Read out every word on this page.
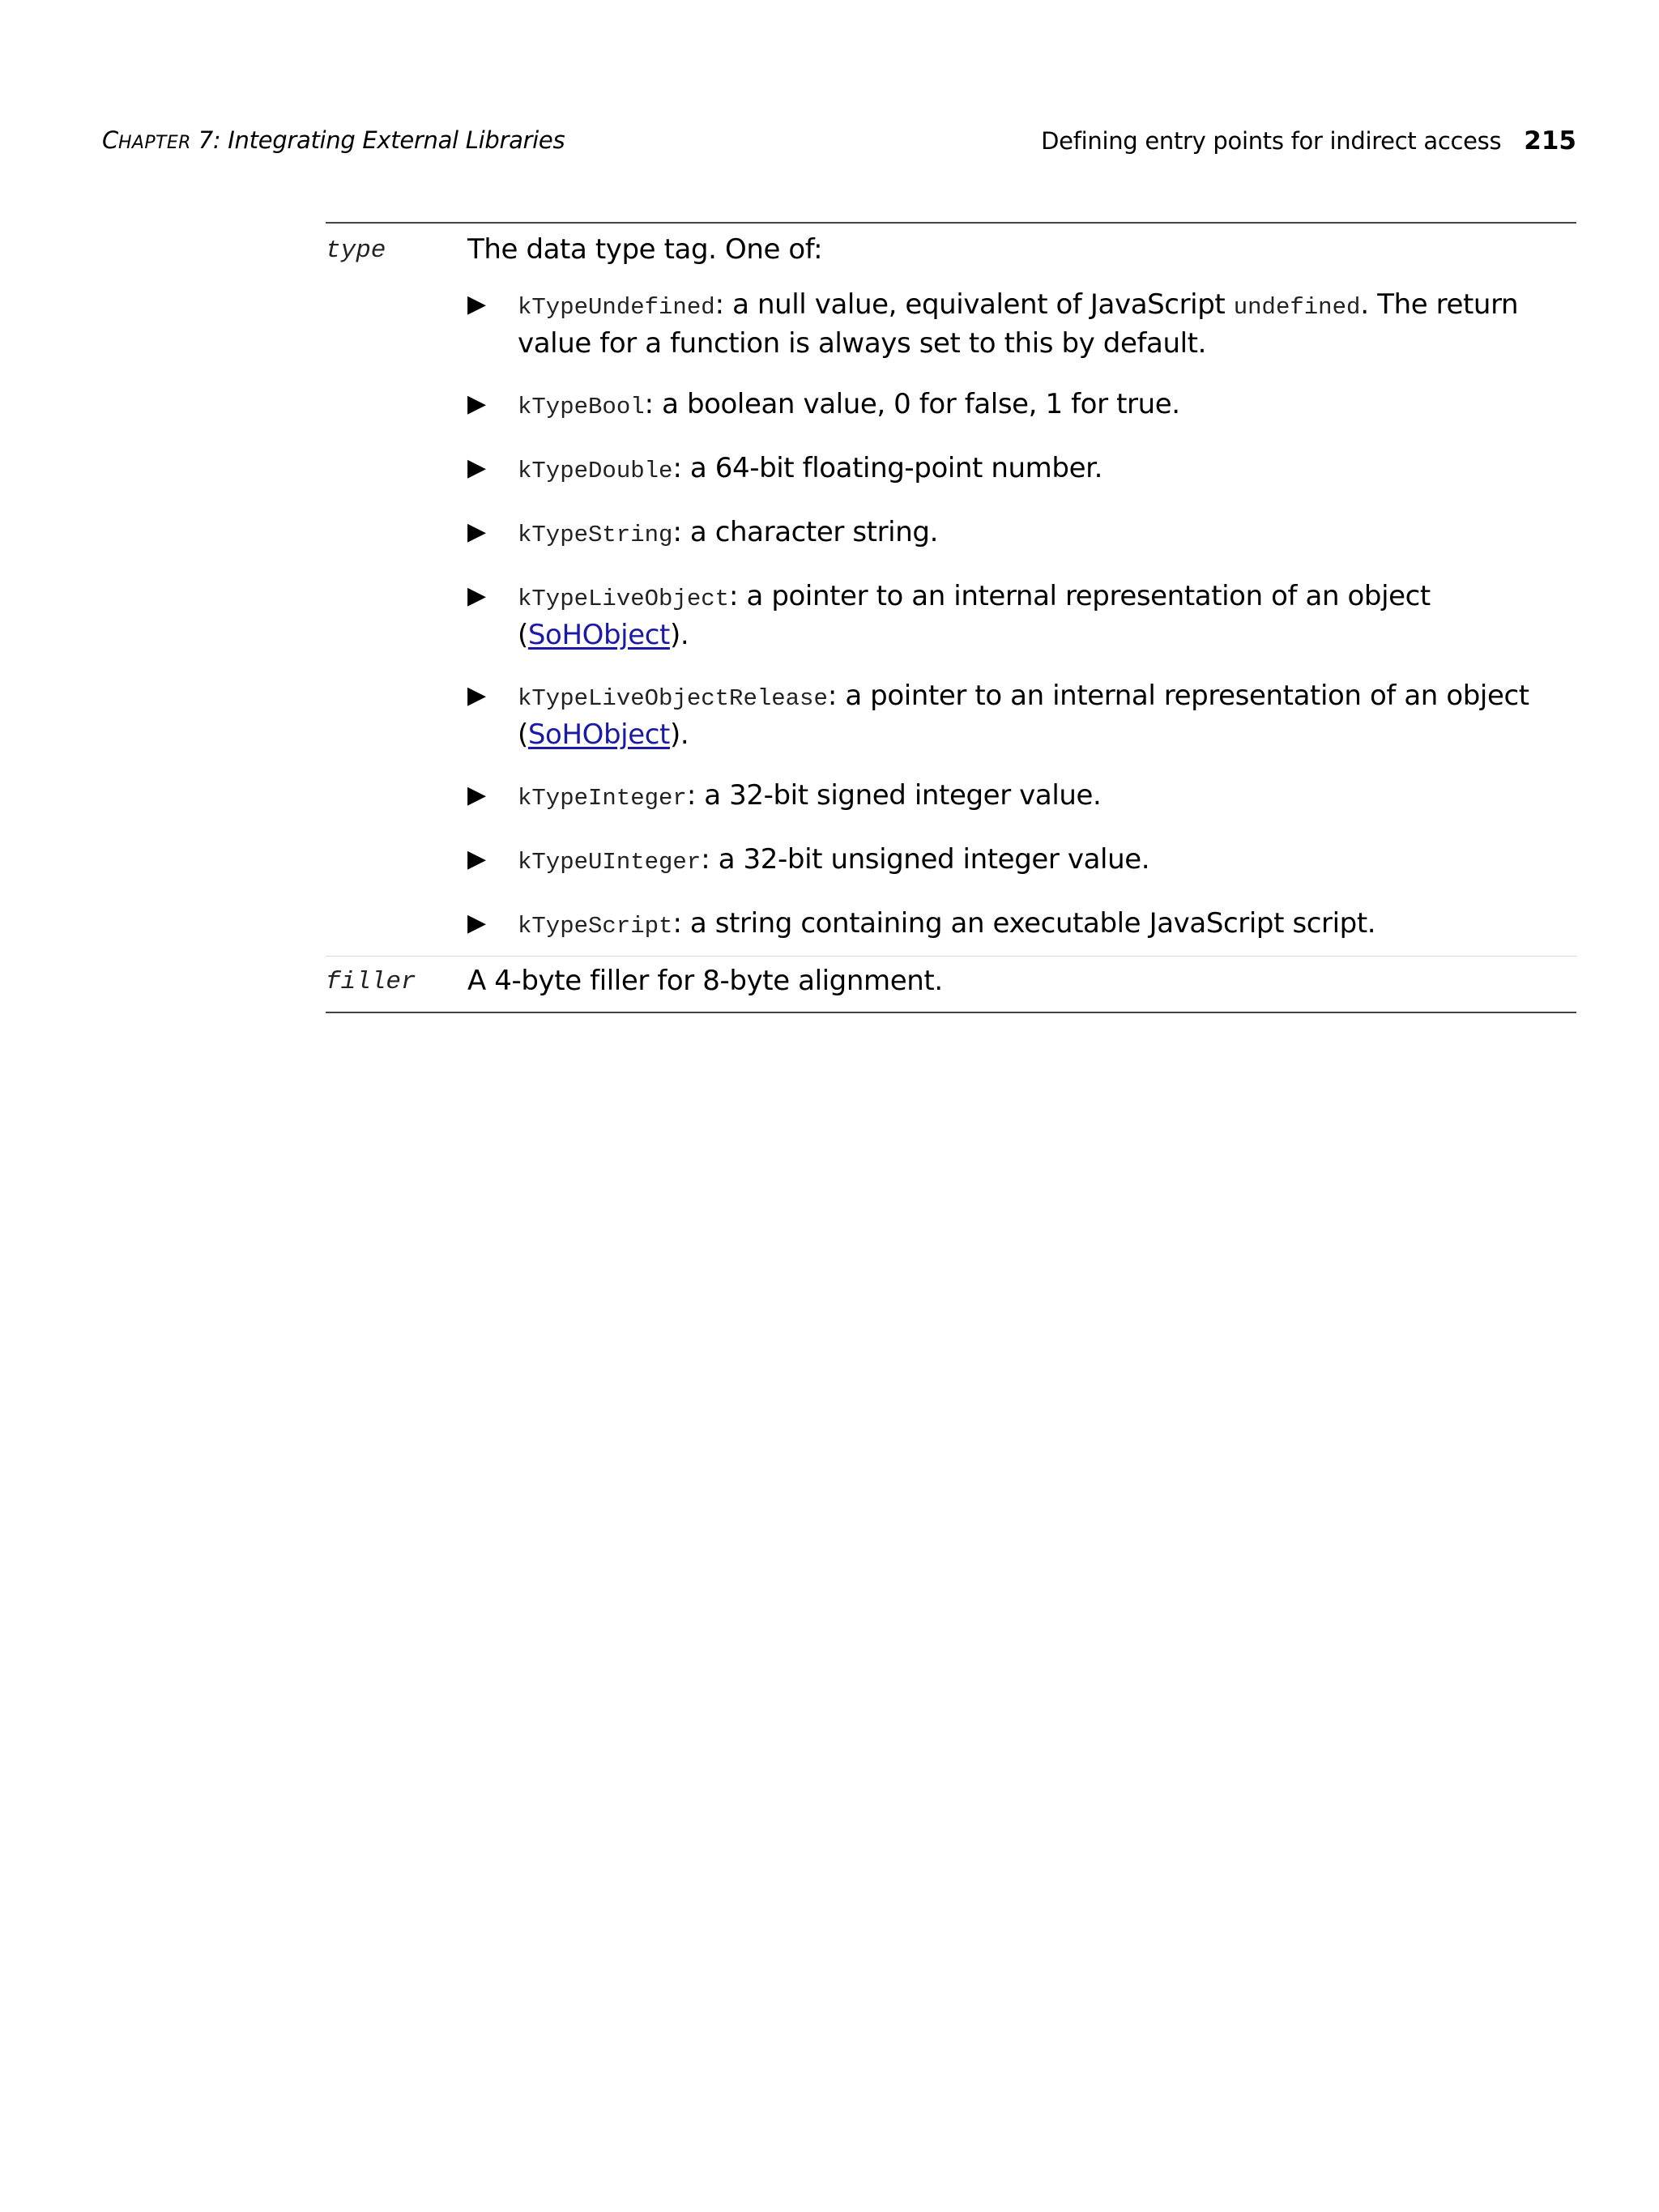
CHAPTER 7: Integrating External Libraries	Defining entry points for indirect access 215
type	The data type tag. One of:
▶	kTypeUndefined: a null value, equivalent of JavaScript undefined. The return value for a function is always set to this by default.
▶	kTypeBool: a boolean value, 0 for false, 1 for true.
▶	kTypeDouble: a 64-bit floating-point number.
▶	kTypeString: a character string.
▶	kTypeLiveObject: a pointer to an internal representation of an object (SoHObject).
▶	kTypeLiveObjectRelease: a pointer to an internal representation of an object (SoHObject).
▶	kTypeInteger: a 32-bit signed integer value.
▶	kTypeUInteger: a 32-bit unsigned integer value.
▶	kTypeScript: a string containing an executable JavaScript script.
filler	A 4-byte filler for 8-byte alignment.
